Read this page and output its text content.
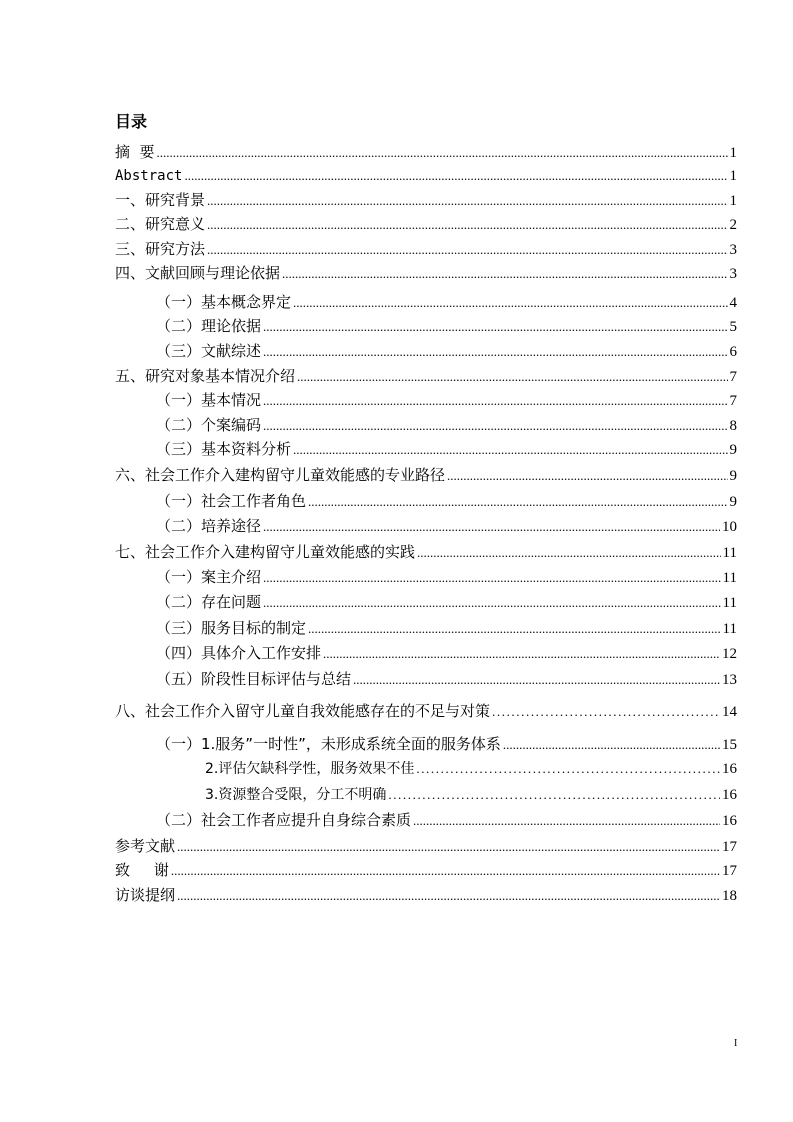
目录
摘  要 .....	1
Abstract .....	1
一、研究背景 .....	1
二、研究意义 .....	2
三、研究方法 .....	3
四、文献回顾与理论依据 .....	3
（一）基本概念界定 .....	4
（二）理论依据 .....	5
（三）文献综述 .....	6
五、研究对象基本情况介绍 .....	7
（一）基本情况 .....	7
（二）个案编码 .....	8
（三）基本资料分析 .....	9
六、社会工作介入建构留守儿童效能感的专业路径 .....	9
（一）社会工作者角色 .....	9
（二）培养途径 .....	10
七、社会工作介入建构留守儿童效能感的实践 .....	11
（一）案主介绍 .....	11
（二）存在问题 .....	11
（三）服务目标的制定 .....	11
（四）具体介入工作安排 .....	12
（五）阶段性目标评估与总结 .....	13
八、社会工作介入留守儿童自我效能感存在的不足与对策 .....	14
（一）1.服务”一时性”，未形成系统全面的服务体系 .....	15
2.评估欠缺科学性，服务效果不佳 .....	16
3.资源整合受限，分工不明确 .....	16
（二）社会工作者应提升自身综合素质 .....	16
参考文献 .....	17
致     谢 .....	17
访谈提纲 .....	18
I
